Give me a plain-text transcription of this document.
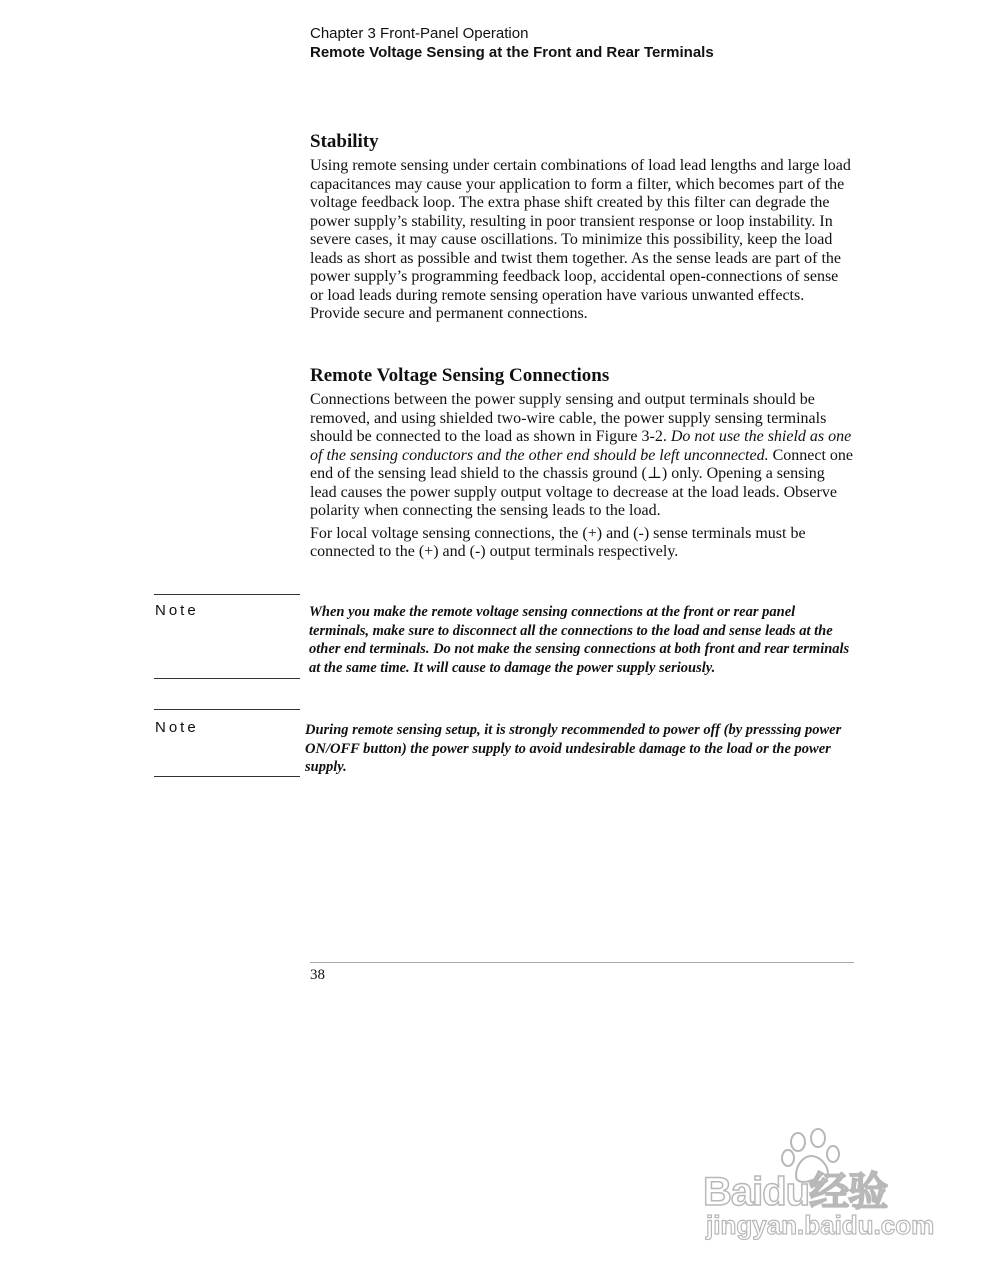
Chapter 3 Front-Panel Operation
Remote Voltage Sensing at the Front and Rear Terminals
Stability

Using remote sensing under certain combinations of load lead lengths and large load capacitances may cause your application to form a filter, which becomes part of the voltage feedback loop. The extra phase shift created by this filter can degrade the power supply’s stability, resulting in poor transient response or loop instability. In severe cases, it may cause oscillations. To minimize this possibility, keep the load leads as short as possible and twist them together. As the sense leads are part of the power supply’s programming feedback loop, accidental open-connections of sense or load leads during remote sensing operation have various unwanted effects. Provide secure and permanent connections.

Remote Voltage Sensing Connections

Connections between the power supply sensing and output terminals should be removed, and using shielded two-wire cable, the power supply sensing terminals should be connected to the load as shown in Figure 3-2. Do not use the shield as one of the sensing conductors and the other end should be left unconnected. Connect one end of the sensing lead shield to the chassis ground (⊥) only. Opening a sensing lead causes the power supply output voltage to decrease at the load leads. Observe polarity when connecting the sensing leads to the load.

For local voltage sensing connections, the (+) and (-) sense terminals must be connected to the (+) and (-) output terminals respectively.

Note	When you make the remote voltage sensing connections at the front or rear panel terminals, make sure to disconnect all the connections to the load and sense leads at the other end terminals. Do not make the sensing connections at both front and rear terminals at the same time. It will cause to damage the power supply seriously.
Note	During remote sensing setup, it is strongly recommended to power off (by presssing power ON/OFF button) the power supply to avoid undesirable damage to the load or the power supply.
38
Baidu经验
jingyan.baidu.com
